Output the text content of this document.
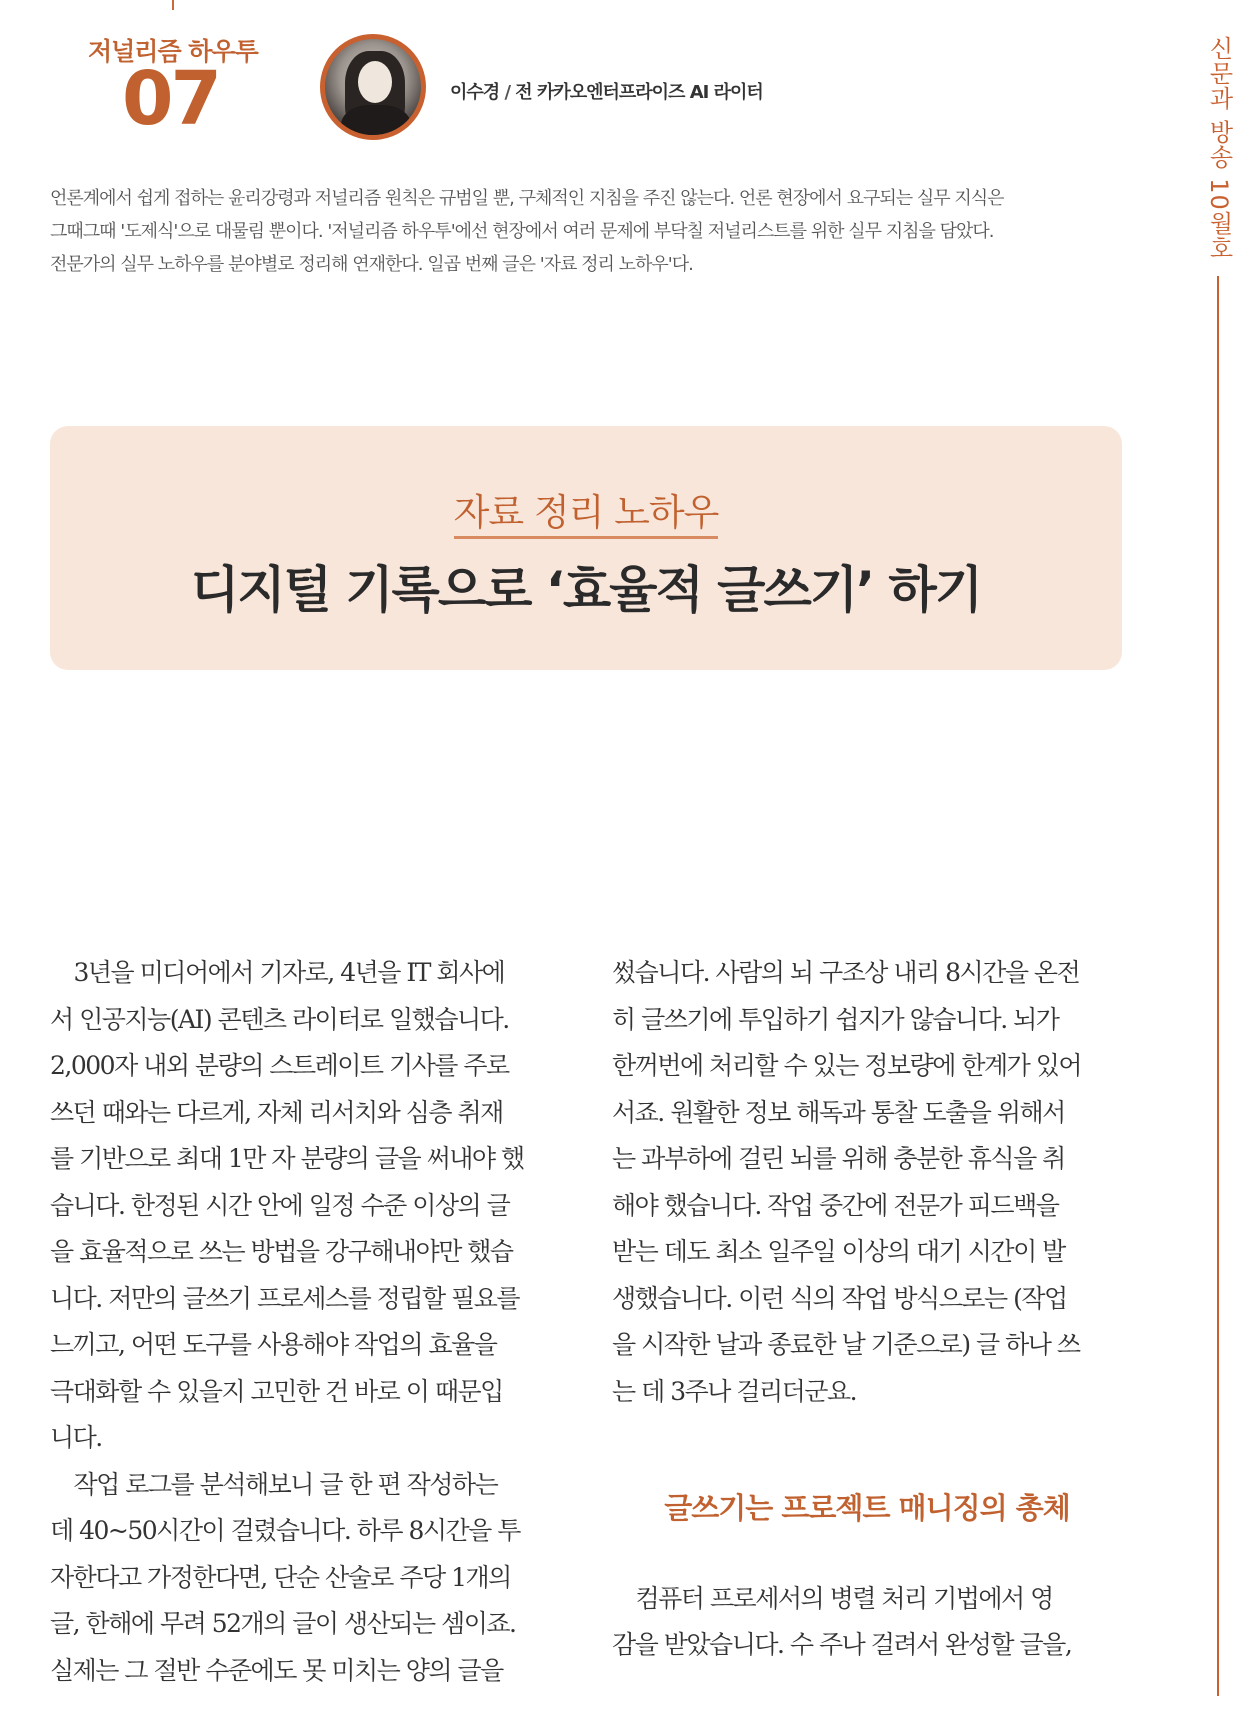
저널리즘 하우투
07	이수경 / 전 카카오엔터프라이즈 AI 라이터

언론계에서 쉽게 접하는 윤리강령과 저널리즘 원칙은 규범일 뿐, 구체적인 지침을 주진 않는다. 언론 현장에서 요구되는 실무 지식은

그때그때 '도제식'으로 대물림 뿐이다. '저널리즘 하우투'에선 현장에서 여러 문제에 부닥칠 저널리스트를 위한 실무 지침을 담았다.

전문가의 실무 노하우를 분야별로 정리해 연재한다. 일곱 번째 글은 '자료 정리 노하우'다.

신문과 방송 10월호
자료 정리 노하우
디지털 기록으로 ‘효율적 글쓰기’ 하기

　3년을 미디어에서 기자로, 4년을 IT 회사에
서 인공지능(AI) 콘텐츠 라이터로 일했습니다.
2,000자 내외 분량의 스트레이트 기사를 주로
쓰던 때와는 다르게, 자체 리서치와 심층 취재
를 기반으로 최대 1만 자 분량의 글을 써내야 했
습니다. 한정된 시간 안에 일정 수준 이상의 글
을 효율적으로 쓰는 방법을 강구해내야만 했습
니다. 저만의 글쓰기 프로세스를 정립할 필요를
느끼고, 어떤 도구를 사용해야 작업의 효율을
극대화할 수 있을지 고민한 건 바로 이 때문입
니다.

　작업 로그를 분석해보니 글 한 편 작성하는
데 40~50시간이 걸렸습니다. 하루 8시간을 투
자한다고 가정한다면, 단순 산술로 주당 1개의
글, 한해에 무려 52개의 글이 생산되는 셈이죠.
실제는 그 절반 수준에도 못 미치는 양의 글을

썼습니다. 사람의 뇌 구조상 내리 8시간을 온전
히 글쓰기에 투입하기 쉽지가 않습니다. 뇌가
한꺼번에 처리할 수 있는 정보량에 한계가 있어
서죠. 원활한 정보 해독과 통찰 도출을 위해서
는 과부하에 걸린 뇌를 위해 충분한 휴식을 취
해야 했습니다. 작업 중간에 전문가 피드백을
받는 데도 최소 일주일 이상의 대기 시간이 발
생했습니다. 이런 식의 작업 방식으로는 (작업
을 시작한 날과 종료한 날 기준으로) 글 하나 쓰
는 데 3주나 걸리더군요.

글쓰기는 프로젝트 매니징의 총체

　컴퓨터 프로세서의 병렬 처리 기법에서 영
감을 받았습니다. 수 주나 걸려서 완성할 글을,
